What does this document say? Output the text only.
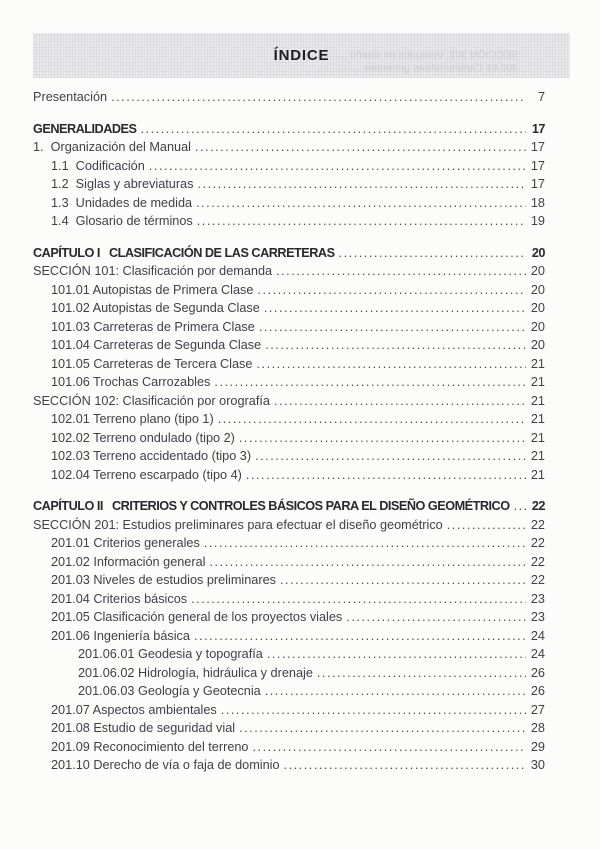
ÍNDICE
SECCIÓN 302: Vehículos de diseño ............
302.01 Características generales ...............
Presentación . . .	7
GENERALIDADES . . .	17
1.  Organización del Manual . . .	17
1.1  Codificación . . .	17
1.2  Siglas y abreviaturas . . .	17
1.3  Unidades de medida . . .	18
1.4  Glosario de términos . . .	19
CAPÍTULO I   CLASIFICACIÓN DE LAS CARRETERAS . . .	20
SECCIÓN 101: Clasificación por demanda . . .	20
101.01 Autopistas de Primera Clase . . .	20
101.02 Autopistas de Segunda Clase . . .	20
101.03 Carreteras de Primera Clase . . .	20
101.04 Carreteras de Segunda Clase . . .	20
101.05 Carreteras de Tercera Clase . . .	21
101.06 Trochas Carrozables . . .	21
SECCIÓN 102: Clasificación por orografía . . .	21
102.01 Terreno plano (tipo 1) . . .	21
102.02 Terreno ondulado (tipo 2) . . .	21
102.03 Terreno accidentado (tipo 3) . . .	21
102.04 Terreno escarpado (tipo 4) . . .	21
CAPÍTULO II   CRITERIOS Y CONTROLES BÁSICOS PARA EL DISEÑO GEOMÉTRICO . . . 22
SECCIÓN 201: Estudios preliminares para efectuar el diseño geométrico . . .	22
201.01 Criterios generales . . .	22
201.02 Información general . . .	22
201.03 Niveles de estudios preliminares . . .	22
201.04 Criterios básicos . . .	23
201.05 Clasificación general de los proyectos viales . . .	23
201.06 Ingeniería básica . . .	24
201.06.01 Geodesia y topografía . . .	24
201.06.02 Hidrología, hidráulica y drenaje . . .	26
201.06.03 Geología y Geotecnia . . .	26
201.07 Aspectos ambientales . . .	27
201.08 Estudio de seguridad vial . . .	28
201.09 Reconocimiento del terreno . . .	29
201.10 Derecho de vía o faja de dominio . . .	30
